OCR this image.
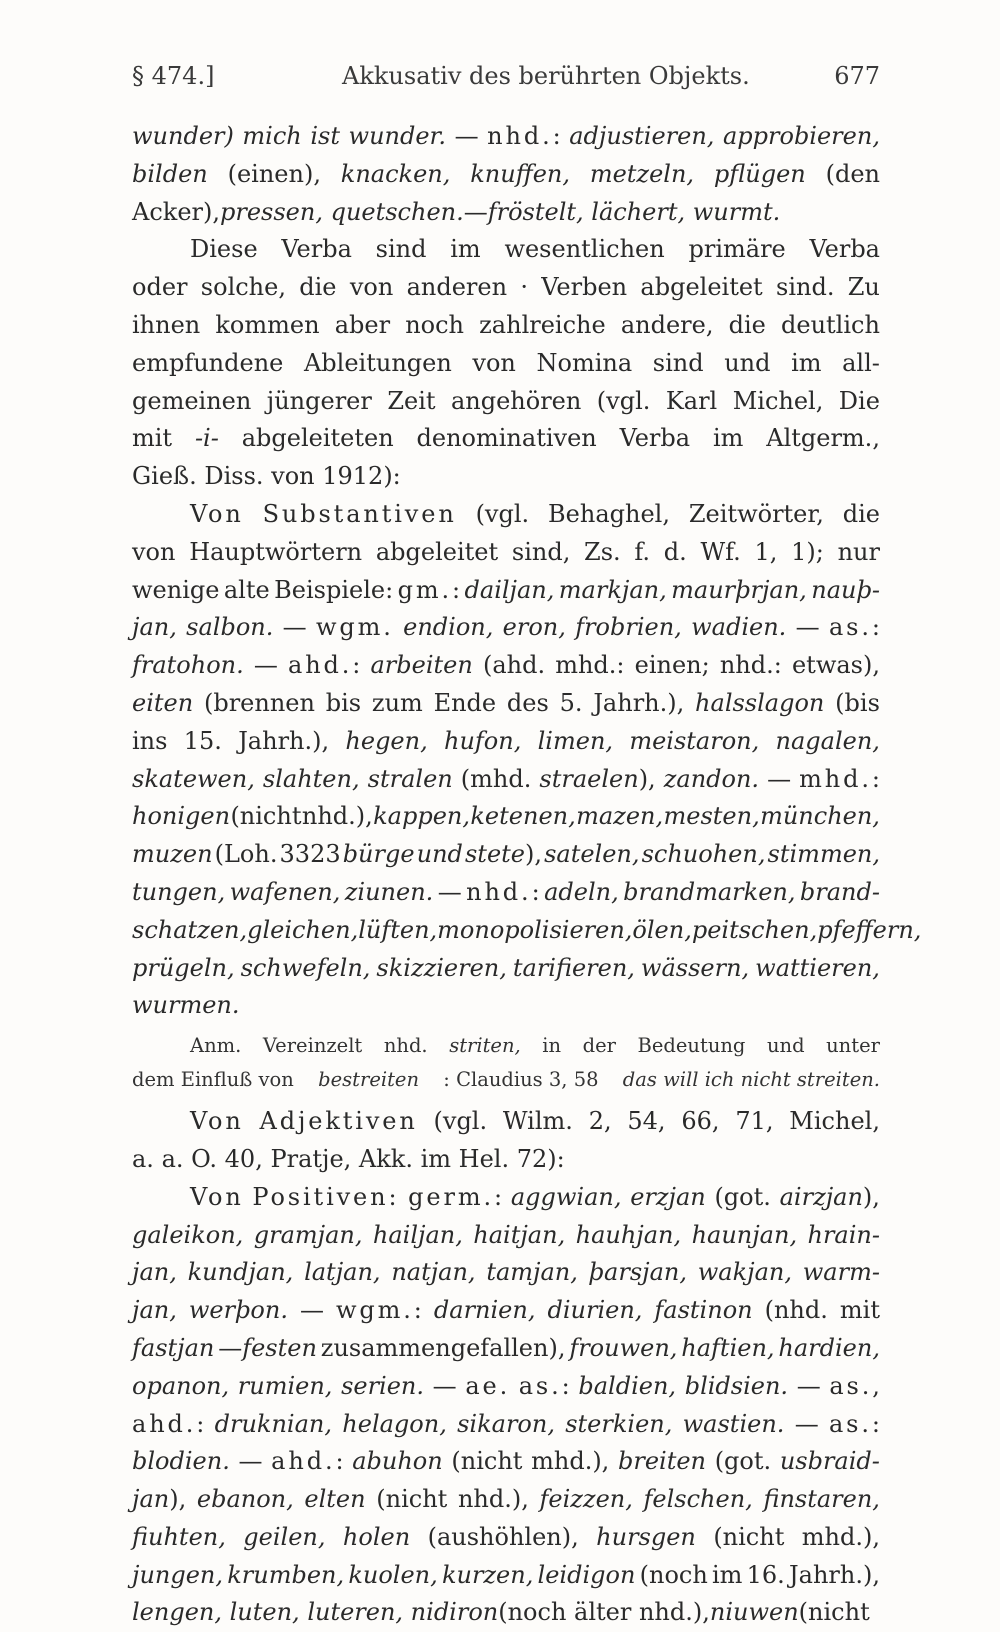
§ 474.]	Akkusativ des berührten Objekts.	677
wunder) mich ist wunder. — nhd.: adjustieren, approbieren,
bilden (einen), knacken, knuffen, metzeln, pflügen (den
Acker), pressen, quetschen. — fröstelt, lächert, wurmt.
Diese Verba sind im wesentlichen primäre Verba
oder solche, die von anderen · Verben abgeleitet sind. Zu
ihnen kommen aber noch zahlreiche andere, die deutlich
empfundene Ableitungen von Nomina sind und im all-
gemeinen jüngerer Zeit angehören (vgl. Karl Michel, Die
mit -i- abgeleiteten denominativen Verba im Altgerm.,
Gieß. Diss. von 1912):
Von Substantiven (vgl. Behaghel, Zeitwörter, die
von Hauptwörtern abgeleitet sind, Zs. f. d. Wf. 1, 1); nur
wenige alte Beispiele: gm.: dailjan, markjan, maurþrjan, nauþ-
jan, salbon. — wgm. endion, eron, frobrien, wadien. — as.:
fratohon. — ahd.: arbeiten (ahd. mhd.: einen; nhd.: etwas),
eiten (brennen bis zum Ende des 5. Jahrh.), halsslagon (bis
ins 15. Jahrh.), hegen, hufon, limen, meistaron, nagalen,
skatewen, slahten, stralen (mhd. straelen), zandon. — mhd.:
honigen (nicht nhd.), kappen, ketenen, mazen, mesten, münchen,
muzen (Loh. 3323 bürge und stete), satelen, schuohen, stimmen,
tungen, wafenen, ziunen. — nhd.: adeln, brandmarken, brand-
schatzen, gleichen, lüften, monopolisieren, ölen, peitschen, pfeffern,
prügeln, schwefeln, skizzieren, tarifieren, wässern, wattieren,
wurmen.
Anm. Vereinzelt nhd. striten, in der Bedeutung und unter
dem Einfluß von bestreiten : Claudius 3, 58 das will ich nicht streiten.
Von Adjektiven (vgl. Wilm. 2, 54, 66, 71, Michel,
a. a. O. 40, Pratje, Akk. im Hel. 72):
Von Positiven: germ.: aggwian, erzjan (got. airzjan),
galeikon, gramjan, hailjan, haitjan, hauhjan, haunjan, hrain-
jan, kundjan, latjan, natjan, tamjan, þarsjan, wakjan, warm-
jan, werþon. — wgm.: darnien, diurien, fastinon (nhd. mit
fastjan —festen zusammengefallen), frouwen, haftien, hardien,
opanon, rumien, serien. — ae. as.: baldien, blidsien. — as.,
ahd.: druknian, helagon, sikaron, sterkien, wastien. — as.:
blodien. — ahd.: abuhon (nicht mhd.), breiten (got. usbraid-
jan), ebanon, elten (nicht nhd.), feizzen, felschen, finstaren,
fiuhten, geilen, holen (aushöhlen), hursgen (nicht mhd.),
jungen, krumben, kuolen, kurzen, leidigon (noch im 16. Jahrh.),
lengen, luten, luteren, nidiron (noch älter nhd.), niuwen (nicht
